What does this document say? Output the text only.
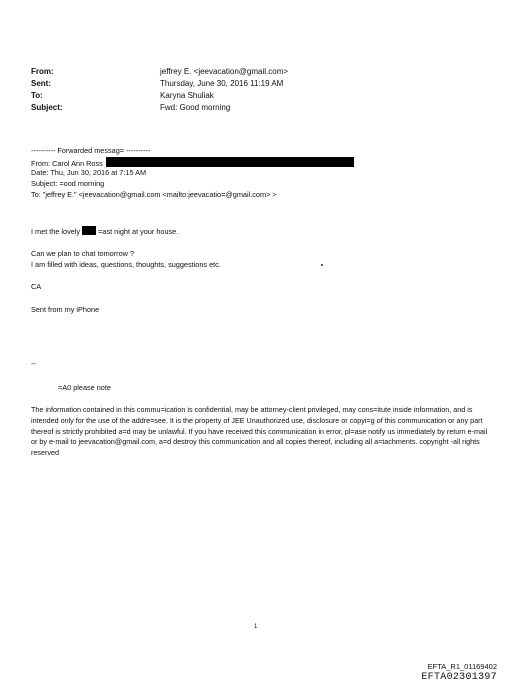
From:	jeffrey E. <jeevacation@gmail.com>
Sent:	Thursday, June 30, 2016 11:19 AM
To:	Karyna Shuliak
Subject:	Fwd: Good morning
---------- Forwarded messag= ----------
From: Carol Ann Ross
Date: Thu, Jun 30, 2016 at 7:15 AM
Subject: =ood morning
To: "jeffrey E." <jeevacation@gmail.com <mailto:jeevacatio=@gmail.com> >
I met the lovely =ast night at your house.
Can we plan to chat tomorrow ?
I am filled with ideas, questions, thoughts, suggestions etc.
CA
Sent from my iPhone
--
=A0 please note
The information contained in this commu=ication is confidential, may be attorney-client privileged, may cons=itute inside information, and is intended only for the use of the addre=see. It is the property of JEE Unauthorized use, disclosure or copyi=g of this communication or any part thereof is strictly prohibited a=d may be unlawful. If you have received this communication in error, pl=ase notify us immediately by return e-mail or by e-mail to jeevacation@gmail.com, a=d destroy this communication and all copies thereof, including all a=tachments. copyright -all rights reserved
1
EFTA_R1_01169402
EFTA02301397
